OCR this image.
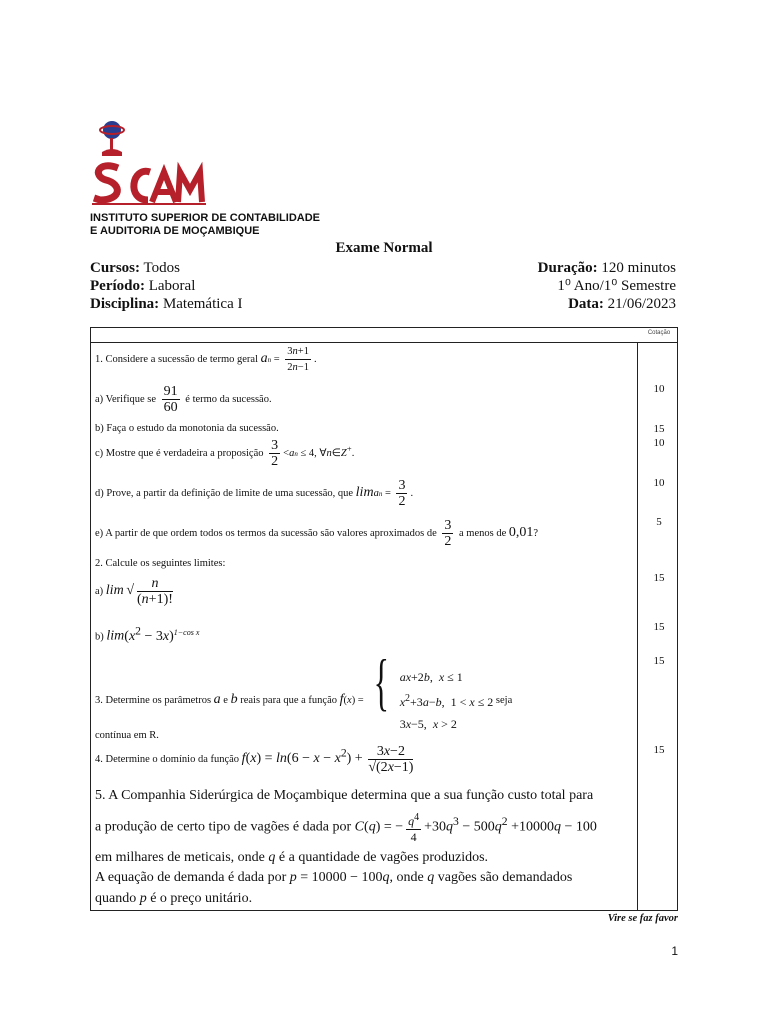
INSTITUTO SUPERIOR DE CONTABILIDADE
E AUDITORIA DE MOÇAMBIQUE
Exame Normal
Cursos: Todos
Período: Laboral
Disciplina: Matemática I
Duração: 120 minutos
1⁰ Ano/1⁰ Semestre
Data: 21/06/2023
Cotação
1. Considere a sucessão de termo geral an = $\frac{3n+1}{2n-1}$ .
a) Verifique se $\frac{91}{60}$ é termo da sucessão.
b) Faça o estudo da monotonia da sucessão.
c) Mostre que é verdadeira a proposição $\frac{3}{2} <an \le 4$, ∀n∈Z+.
d) Prove, a partir da definição de limite de uma sucessão, que liman = $\frac{3}{2}$ .
e) A partir de que ordem todos os termos da sucessão são valores aproximados de $\frac{3}{2}$ a menos de 0,01?
2. Calcule os seguintes limites:
a) lim √ $\frac{n}{(n+1)!}$
b) $\lim(x^2 - 3x)^{1-cos x}$
3. Determine os parâmetros a e b reais para que a função f(x) = { ax+2b,  x ≤ 1
$x^2+3a-b$,  1 < x ≤ 2
3x−5,  x > 2
seja
contínua em R.
4. Determine o domínio da função $f(x) = \ln(6 - x - x^2) + \frac{3x-2}{√(2x-1)}$
5. A Companhia Siderúrgica de Moçambique determina que a sua função custo total para
a produção de certo tipo de vagões é dada por C(q) = − $\frac{q^4}{4} +30q^3 - 500q^2 +10000q - 100$
em milhares de meticais, onde q é a quantidade de vagões produzidos.
A equação de demanda é dada por p = 10000 − 100q, onde q vagões são demandados
quando p é o preço unitário.
10
15
10
10
5
15
15
15
15
Vire se faz favor
1
